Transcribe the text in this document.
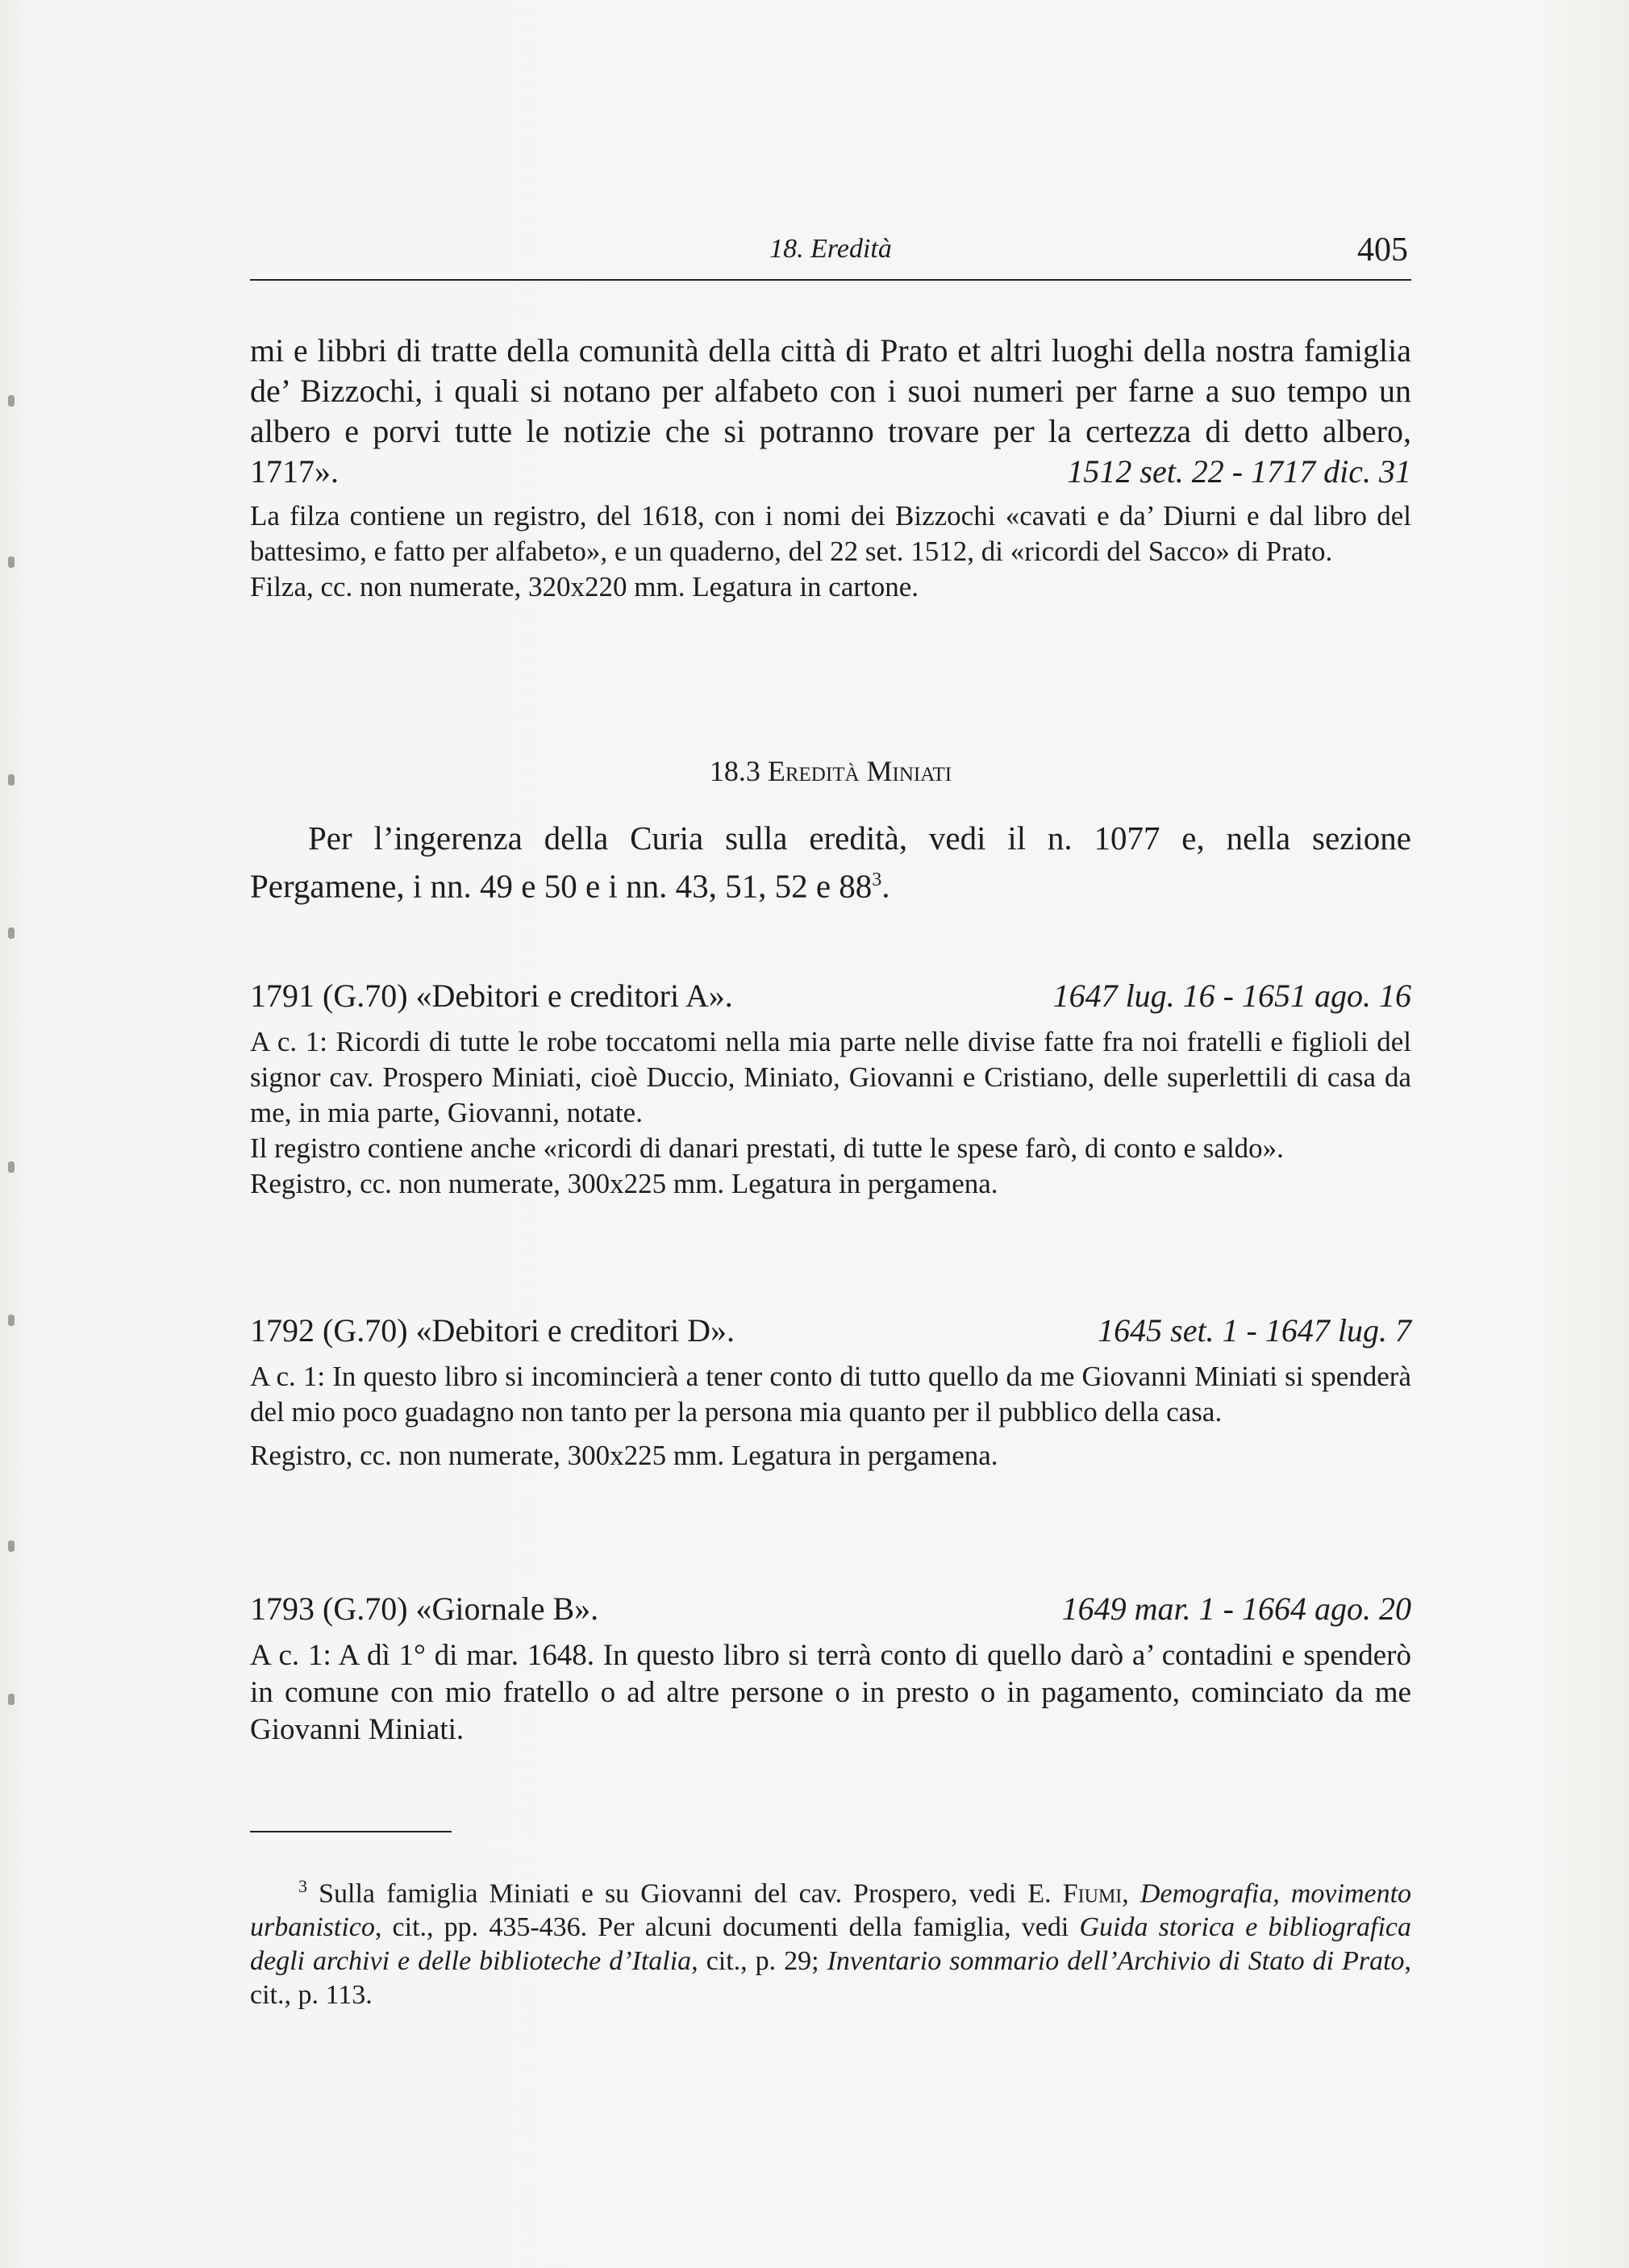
18. Eredità	405

mi e libbri di tratte della comunità della città di Prato et altri luoghi della nostra famiglia de’ Bizzochi, i quali si notano per alfabeto con i suoi numeri per farne a suo tempo un albero e porvi tutte le notizie che si potranno trovare per la certezza di detto albero, 1717».	1512 set. 22 - 1717 dic. 31

La filza contiene un registro, del 1618, con i nomi dei Bizzochi «cavati e da’ Diurni e dal libro del battesimo, e fatto per alfabeto», e un quaderno, del 22 set. 1512, di «ricordi del Sacco» di Prato.

Filza, cc. non numerate, 320x220 mm. Legatura in cartone.

18.3 Eredità Miniati

Per l’ingerenza della Curia sulla eredità, vedi il n. 1077 e, nella sezione Pergamene, i nn. 49 e 50 e i nn. 43, 51, 52 e $88^3$.

1791 (G.70) «Debitori e creditori A».	1647 lug. 16 - 1651 ago. 16

A c. 1: Ricordi di tutte le robe toccatomi nella mia parte nelle divise fatte fra noi fratelli e figlioli del signor cav. Prospero Miniati, cioè Duccio, Miniato, Giovanni e Cristiano, delle superlettili di casa da me, in mia parte, Giovanni, notate.

Il registro contiene anche «ricordi di danari prestati, di tutte le spese farò, di conto e saldo».

Registro, cc. non numerate, 300x225 mm. Legatura in pergamena.

1792 (G.70) «Debitori e creditori D».	1645 set. 1 - 1647 lug. 7

A c. 1: In questo libro si incomincierà a tener conto di tutto quello da me Giovanni Miniati si spenderà del mio poco guadagno non tanto per la persona mia quanto per il pubblico della casa.

Registro, cc. non numerate, 300x225 mm. Legatura in pergamena.

1793 (G.70) «Giornale B».	1649 mar. 1 - 1664 ago. 20

A c. 1: A dì 1° di mar. 1648. In questo libro si terrà conto di quello darò a’ contadini e spenderò in comune con mio fratello o ad altre persone o in presto o in pagamento, cominciato da me Giovanni Miniati.

$^3$ Sulla famiglia Miniati e su Giovanni del cav. Prospero, vedi E. Fiumi, Demografia, movimento urbanistico, cit., pp. 435-436. Per alcuni documenti della famiglia, vedi Guida storica e bibliografica degli archivi e delle biblioteche d’Italia, cit., p. 29; Inventario sommario dell’Archivio di Stato di Prato, cit., p. 113.
